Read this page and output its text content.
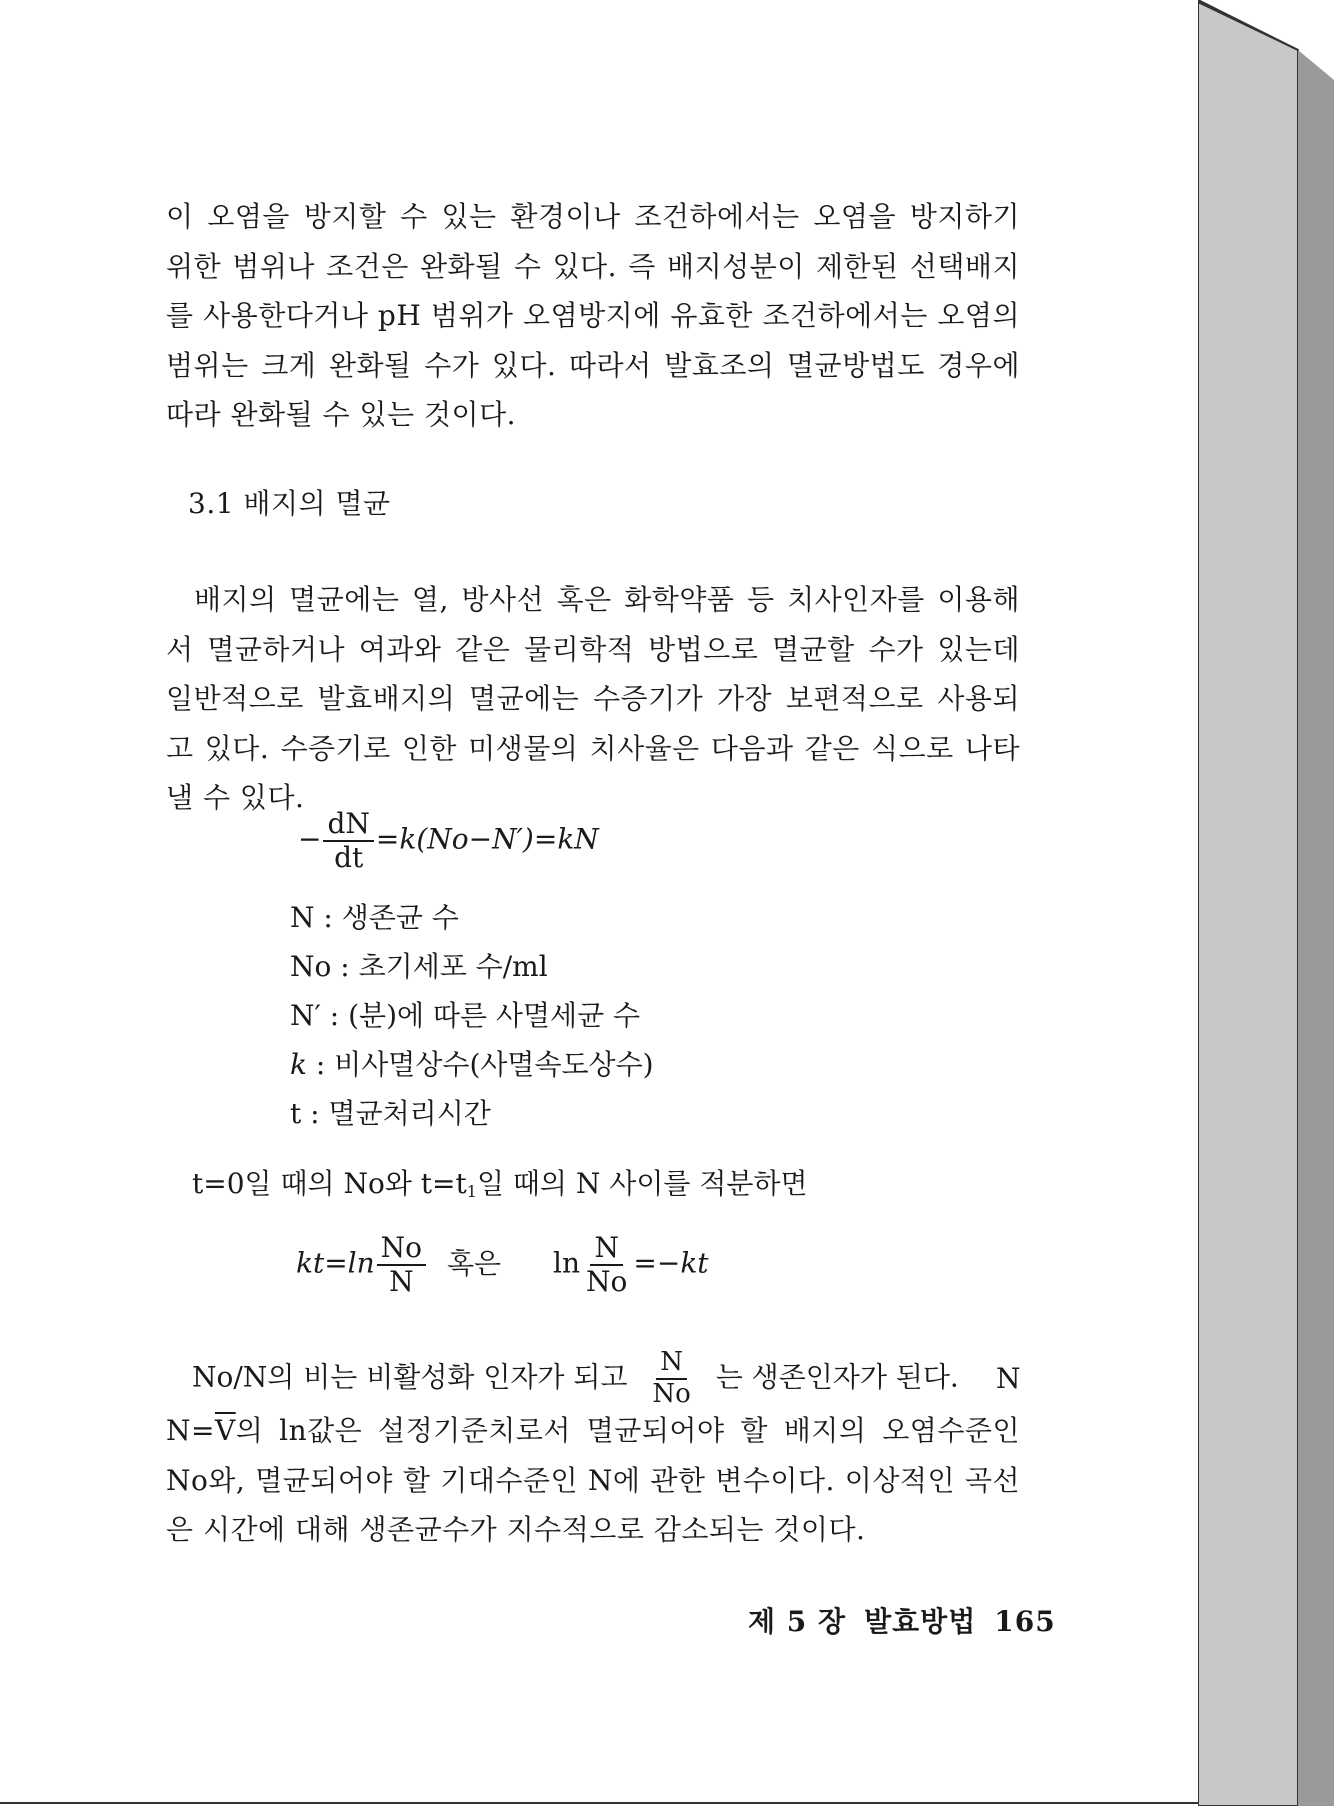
이 오염을 방지할 수 있는 환경이나 조건하에서는 오염을 방지하기 위한 범위나 조건은 완화될 수 있다. 즉 배지성분이 제한된 선택배지를 사용한다거나 pH 범위가 오염방지에 유효한 조건하에서는 오염의 범위는 크게 완화될 수가 있다. 따라서 발효조의 멸균방법도 경우에 따라 완화될 수 있는 것이다.

3.1 배지의 멸균

배지의 멸균에는 열, 방사선 혹은 화학약품 등 치사인자를 이용해서 멸균하거나 여과와 같은 물리학적 방법으로 멸균할 수가 있는데 일반적으로 발효배지의 멸균에는 수증기가 가장 보편적으로 사용되고 있다. 수증기로 인한 미생물의 치사율은 다음과 같은 식으로 나타낼 수 있다.

− $\frac{dN}{dt} =k(No-N')=kN$
N : 생존균 수
No : 초기세포 수/ml
N′ : (분)에 따른 사멸세균 수
k : 비사멸상수(사멸속도상수)
t : 멸균처리시간
t=0일 때의 No와 $t=t_1$일 때의 N 사이를 적분하면
$kt=\ln \frac{No}{N}$ 혹은 $\ln \frac{N}{No} =-kt$
No/N의 비는 비활성화 인자가 되고 $\frac{N}{No}$ 는 생존인자가 된다. N

$N=\overline{V}$의 ln값은 설정기준치로서 멸균되어야 할 배지의 오염수준인 No와, 멸균되어야 할 기대수준인 N에 관한 변수이다. 이상적인 곡선은 시간에 대해 생존균수가 지수적으로 감소되는 것이다.

제 5 장 발효방법 165
